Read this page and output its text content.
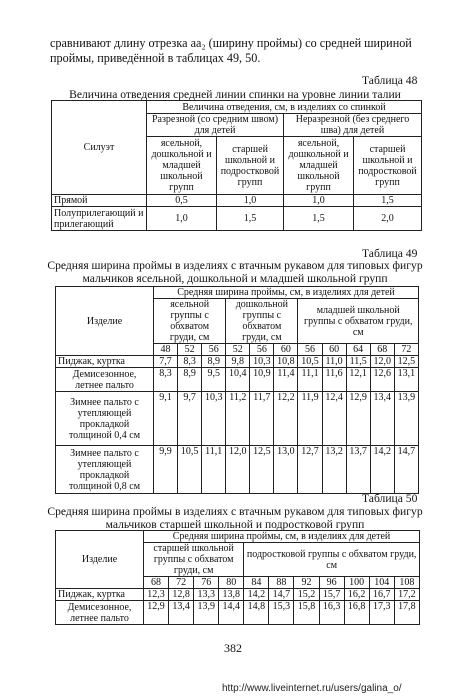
сравнивают длину отрезка аа₂ (ширину проймы) со средней шириной проймы, приведённой в таблицах 49, 50.
Таблица 48
Величина отведения средней линии спинки на уровне линии талии
Силуэт	Величина отведения, см, в изделиях со спинкой			
	Разрезной (со средним швом) для детей		Неразрезной (без среднего шва) для детей	
	ясельной, дошкольной и младшей школьной групп	старшей школьной и подростковой групп	ясельной, дошкольной и младшей школьной групп	старшей школьной и подростковой групп
Прямой	0,5	1,0	1,0	1,5
Полуприлегающий и прилегающий	1,0	1,5	1,5	2,0
Таблица 49
Средняя ширина проймы в изделиях с втачным рукавом для типовых фигур мальчиков ясельной, дошкольной и младшей школьной групп
Изделие	Средняя ширина проймы, см, в изделиях для детей										
	ясельной группы с обхватом груди, см			дошкольной группы с обхватом груди, см			младшей школьной группы с обхватом груди, см				
	48	52	56	52	56	60	56	60	64	68	72
Пиджак, куртка	7,7	8,3	8,9	9,8	10,3	10,8	10,5	11,0	11,5	12,0	12,5
Демисезонное, летнее пальто	8,3	8,9	9,5	10,4	10,9	11,4	11,1	11,6	12,1	12,6	13,1
Зимнее пальто с утепляющей прокладкой толщиной 0,4 см	9,1	9,7	10,3	11,2	11,7	12,2	11,9	12,4	12,9	13,4	13,9
Зимнее пальто с утепляющей прокладкой толщиной 0,8 см	9,9	10,5	11,1	12,0	12,5	13,0	12,7	13,2	13,7	14,2	14,7
Таблица 50
Средняя ширина проймы в изделиях с втачным рукавом для типовых фигур мальчиков старшей школьной и подростковой групп
Изделие	Средняя ширина проймы, см, в изделиях для детей										
	старшей школьной группы с обхватом груди, см				подростковой группы с обхватом груди, см						
	68	72	76	80	84	88	92	96	100	104	108
Пиджак, куртка	12,3	12,8	13,3	13,8	14,2	14,7	15,2	15,7	16,2	16,7	17,2
Демисезонное, летнее пальто	12,9	13,4	13,9	14,4	14,8	15,3	15,8	16,3	16,8	17,3	17,8
382
http://www.liveinternet.ru/users/galina_o/
